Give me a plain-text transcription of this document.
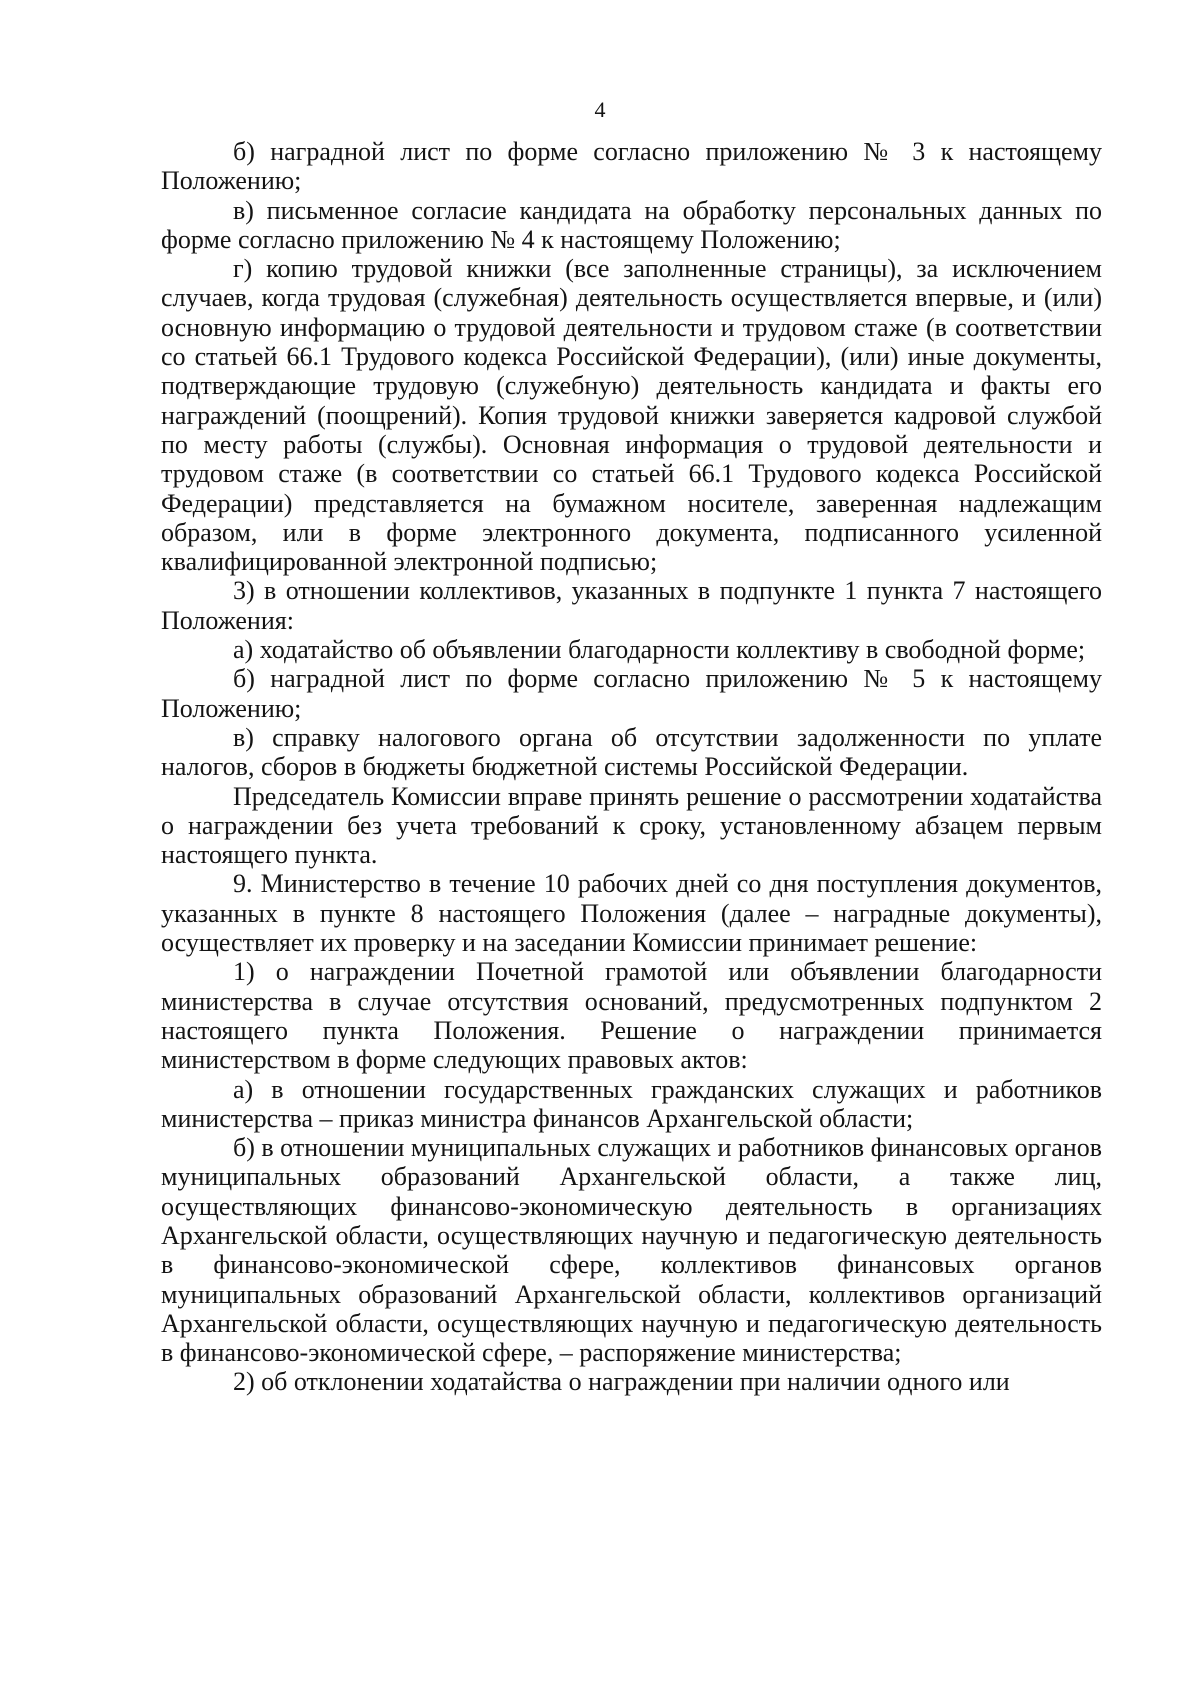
4

б) наградной лист по форме согласно приложению № 3 к настоящему Положению;

в) письменное согласие кандидата на обработку персональных данных по форме согласно приложению № 4 к настоящему Положению;

г) копию трудовой книжки (все заполненные страницы), за исключением случаев, когда трудовая (служебная) деятельность осуществляется впервые, и (или) основную информацию о трудовой деятельности и трудовом стаже (в соответствии со статьей 66.1 Трудового кодекса Российской Федерации), (или) иные документы, подтверждающие трудовую (служебную) деятельность кандидата и факты его награждений (поощрений). Копия трудовой книжки заверяется кадровой службой по месту работы (службы). Основная информация о трудовой деятельности и трудовом стаже (в соответствии со статьей 66.1 Трудового кодекса Российской Федерации) представляется на бумажном носителе, заверенная надлежащим образом, или в форме электронного документа, подписанного усиленной квалифицированной электронной подписью;

3) в отношении коллективов, указанных в подпункте 1 пункта 7 настоящего Положения:

а) ходатайство об объявлении благодарности коллективу в свободной форме;

б) наградной лист по форме согласно приложению № 5 к настоящему Положению;

в) справку налогового органа об отсутствии задолженности по уплате налогов, сборов в бюджеты бюджетной системы Российской Федерации.

Председатель Комиссии вправе принять решение о рассмотрении ходатайства о награждении без учета требований к сроку, установленному абзацем первым настоящего пункта.

9. Министерство в течение 10 рабочих дней со дня поступления документов, указанных в пункте 8 настоящего Положения (далее – наградные документы), осуществляет их проверку и на заседании Комиссии принимает решение:

1) о награждении Почетной грамотой или объявлении благодарности министерства в случае отсутствия оснований, предусмотренных подпунктом 2 настоящего пункта Положения. Решение о награждении принимается министерством в форме следующих правовых актов:

а) в отношении государственных гражданских служащих и работников министерства – приказ министра финансов Архангельской области;

б) в отношении муниципальных служащих и работников финансовых органов муниципальных образований Архангельской области, а также лиц, осуществляющих финансово-экономическую деятельность в организациях Архангельской области, осуществляющих научную и педагогическую деятельность в финансово-экономической сфере, коллективов финансовых органов муниципальных образований Архангельской области, коллективов организаций Архангельской области, осуществляющих научную и педагогическую деятельность в финансово-экономической сфере, – распоряжение министерства;

2) об отклонении ходатайства о награждении при наличии одного или
